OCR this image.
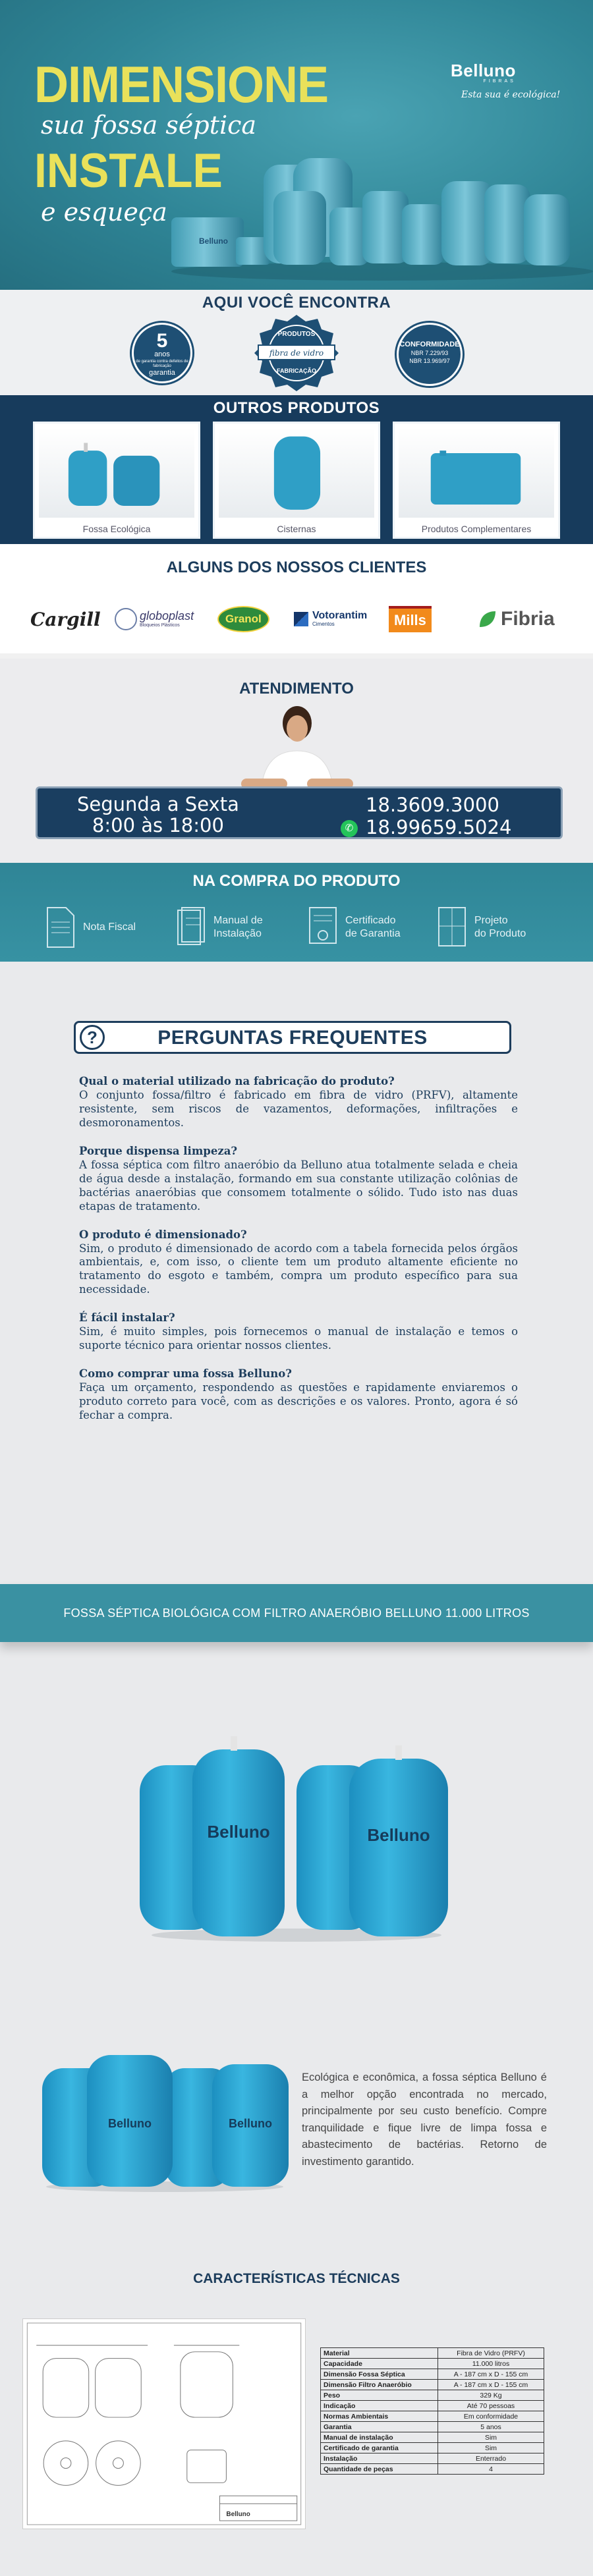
DIMENSIONE
sua fossa séptica
INSTALE
e esqueça
Belluno
FIBRAS
Esta sua é ecológica!
Belluno
AQUI VOCÊ ENCONTRA
5
anos
de garantia contra defeitos de fabricação
garantia
PRODUTOS
fibra de vidro
FABRICAÇÃO
CONFORMIDADE
NBR 7.229/93
NBR 13.969/97
OUTROS PRODUTOS
Fossa Ecológica	Cisternas	Produtos Complementares
ALGUNS DOS NOSSOS CLIENTES
Cargill	globoplast
Bloqueios Plásticos
Granol	Votorantim
Cimentos	Mills	Fibria
ATENDIMENTO
Segunda a Sexta
8:00 às 18:00
18.3609.3000
✆ 18.99659.5024
NA COMPRA DO PRODUTO
Nota Fiscal
Manual de
Instalação
Certificado
de Garantia
Projeto
do Produto
PERGUNTAS FREQUENTES
?
Qual o material utilizado na fabricação do produto?
O conjunto fossa/filtro é fabricado em fibra de vidro (PRFV), altamente resistente, sem riscos de vazamentos, deformações, infiltrações e desmoronamentos.
Porque dispensa limpeza?
A fossa séptica com filtro anaeróbio da Belluno atua totalmente selada e cheia de água desde a instalação, formando em sua constante utilização colônias de bactérias anaeróbias que consomem totalmente o sólido. Tudo isto nas duas etapas de tratamento.
O produto é dimensionado?
Sim, o produto é dimensionado de acordo com a tabela fornecida pelos órgãos ambientais, e, com isso, o cliente tem um produto altamente eficiente no tratamento do esgoto e também, compra um produto específico para sua necessidade.
É fácil instalar?
Sim, é muito simples, pois fornecemos o manual de instalação e temos o suporte técnico para orientar nossos clientes.
Como comprar uma fossa Belluno?
Faça um orçamento, respondendo as questões e rapidamente enviaremos o produto correto para você, com as descrições e os valores. Pronto, agora é só fechar a compra.
FOSSA SÉPTICA BIOLÓGICA COM FILTRO ANAERÓBIO BELLUNO 11.000 LITROS
Belluno	Belluno
Belluno	Belluno
Ecológica e econômica, a fossa séptica Belluno é a melhor opção encontrada no mercado, principalmente por seu custo benefício. Compre tranquilidade e fique livre de limpa fossa e abastecimento de bactérias. Retorno de investimento garantido.
CARACTERÍSTICAS TÉCNICAS
Belluno
Material	Fibra de Vidro (PRFV)
Capacidade	11.000 litros
Dimensão Fossa Séptica	A - 187 cm x D - 155 cm
Dimensão Filtro Anaeróbio	A - 187 cm x D - 155 cm
Peso	329 Kg
Indicação	Até 70 pessoas
Normas Ambientais	Em conformidade
Garantia	5 anos
Manual de instalação	Sim
Certificado de garantia	Sim
Instalação	Enterrado
Quantidade de peças	4
